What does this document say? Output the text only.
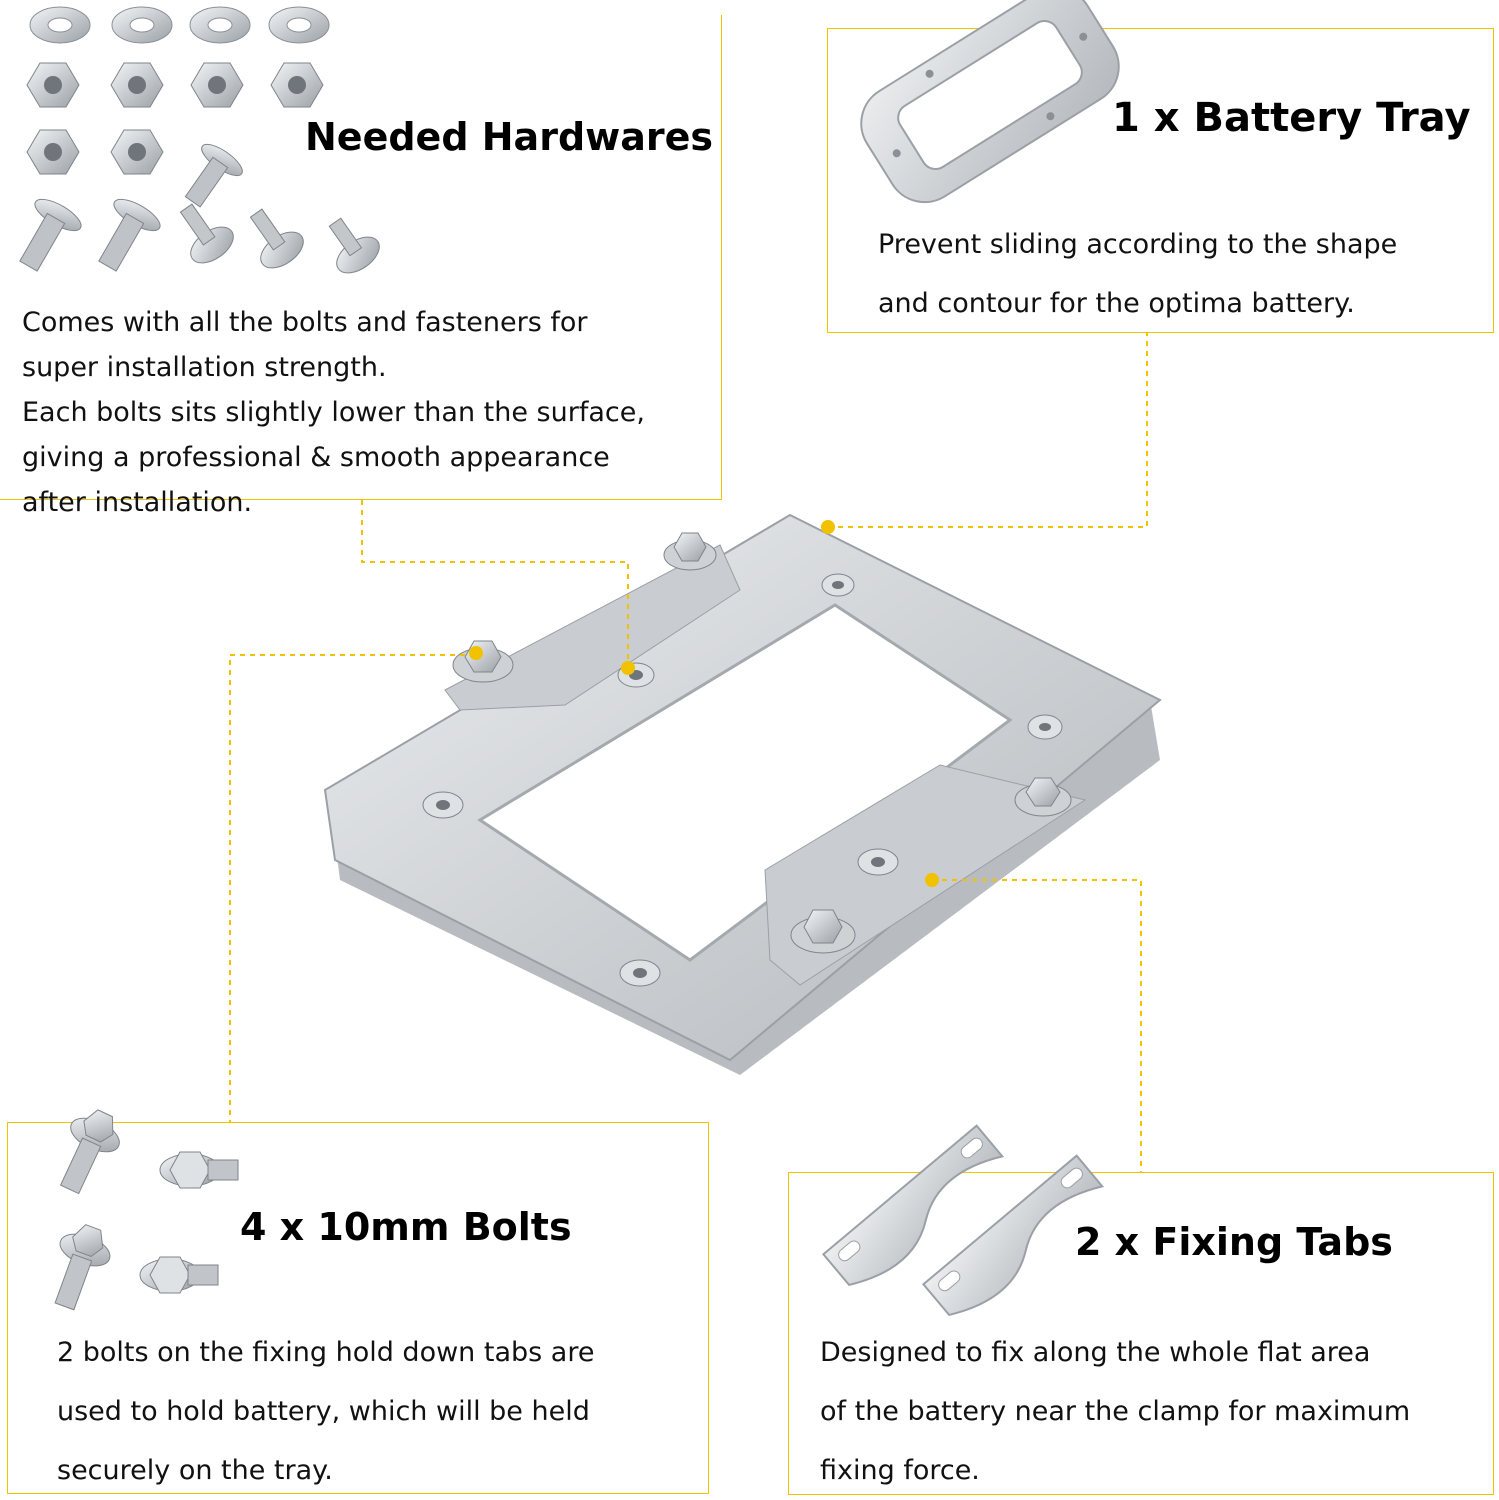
Needed Hardwares
Comes with all the bolts and fasteners for
super installation strength.
Each bolts sits slightly lower than the surface,
giving a professional & smooth appearance
after installation.
1 x Battery Tray
Prevent sliding according to the shape
and contour for the optima battery.
4 x 10mm Bolts
2 bolts on the fixing hold down tabs are
used to hold battery, which will be held
securely on the tray.
2 x Fixing Tabs
Designed to fix along the whole flat area
of the battery near the clamp for maximum
fixing force.
